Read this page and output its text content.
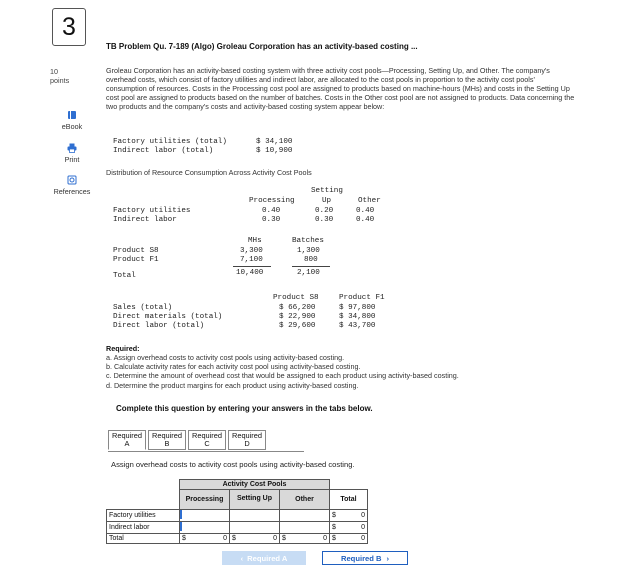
3
TB Problem Qu. 7-189 (Algo) Groleau Corporation has an activity-based costing ...
10
points
eBook
Print
References
Groleau Corporation has an activity-based costing system with three activity cost pools—Processing, Setting Up, and Other. The company's overhead costs, which consist of factory utilities and indirect labor, are allocated to the cost pools in proportion to the activity cost pools' consumption of resources. Costs in the Processing cost pool are assigned to products based on machine-hours (MHs) and costs in the Setting Up cost pool are assigned to products based on the number of batches. Costs in the Other cost pool are not assigned to products. Data concerning the two products and the company's costs and activity-based costing system appear below:
Factory utilities (total)	$ 34,100
Indirect labor (total)	$ 10,900
Distribution of Resource Consumption Across Activity Cost Pools
Setting
Processing	Up	Other
Factory utilities	0.40	0.20	0.40
Indirect labor	0.30	0.30	0.40
MHs	Batches
Product S8	3,300	1,300
Product F1	7,100	800
Total	10,400	2,100
Product S8	Product F1
Sales (total)	$ 66,200	$ 97,800
Direct materials (total)	$ 22,900	$ 34,800
Direct labor (total)	$ 29,600	$ 43,700
Required:
a. Assign overhead costs to activity cost pools using activity-based costing.
b. Calculate activity rates for each activity cost pool using activity-based costing.
c. Determine the amount of overhead cost that would be assigned to each product using activity-based costing.
d. Determine the product margins for each product using activity-based costing.
Complete this question by entering your answers in the tabs below.
Required
A
Required
B
Required
C
Required
D
Assign overhead costs to activity cost pools using activity-based costing.
	Activity Cost Pools			
	Processing	Setting Up	Other	Total
Factory utilities				$ 0

Indirect labor				$ 0

Total	$ 0	$ 0	$ 0	$ 0
‹ Required A	Required B ›
